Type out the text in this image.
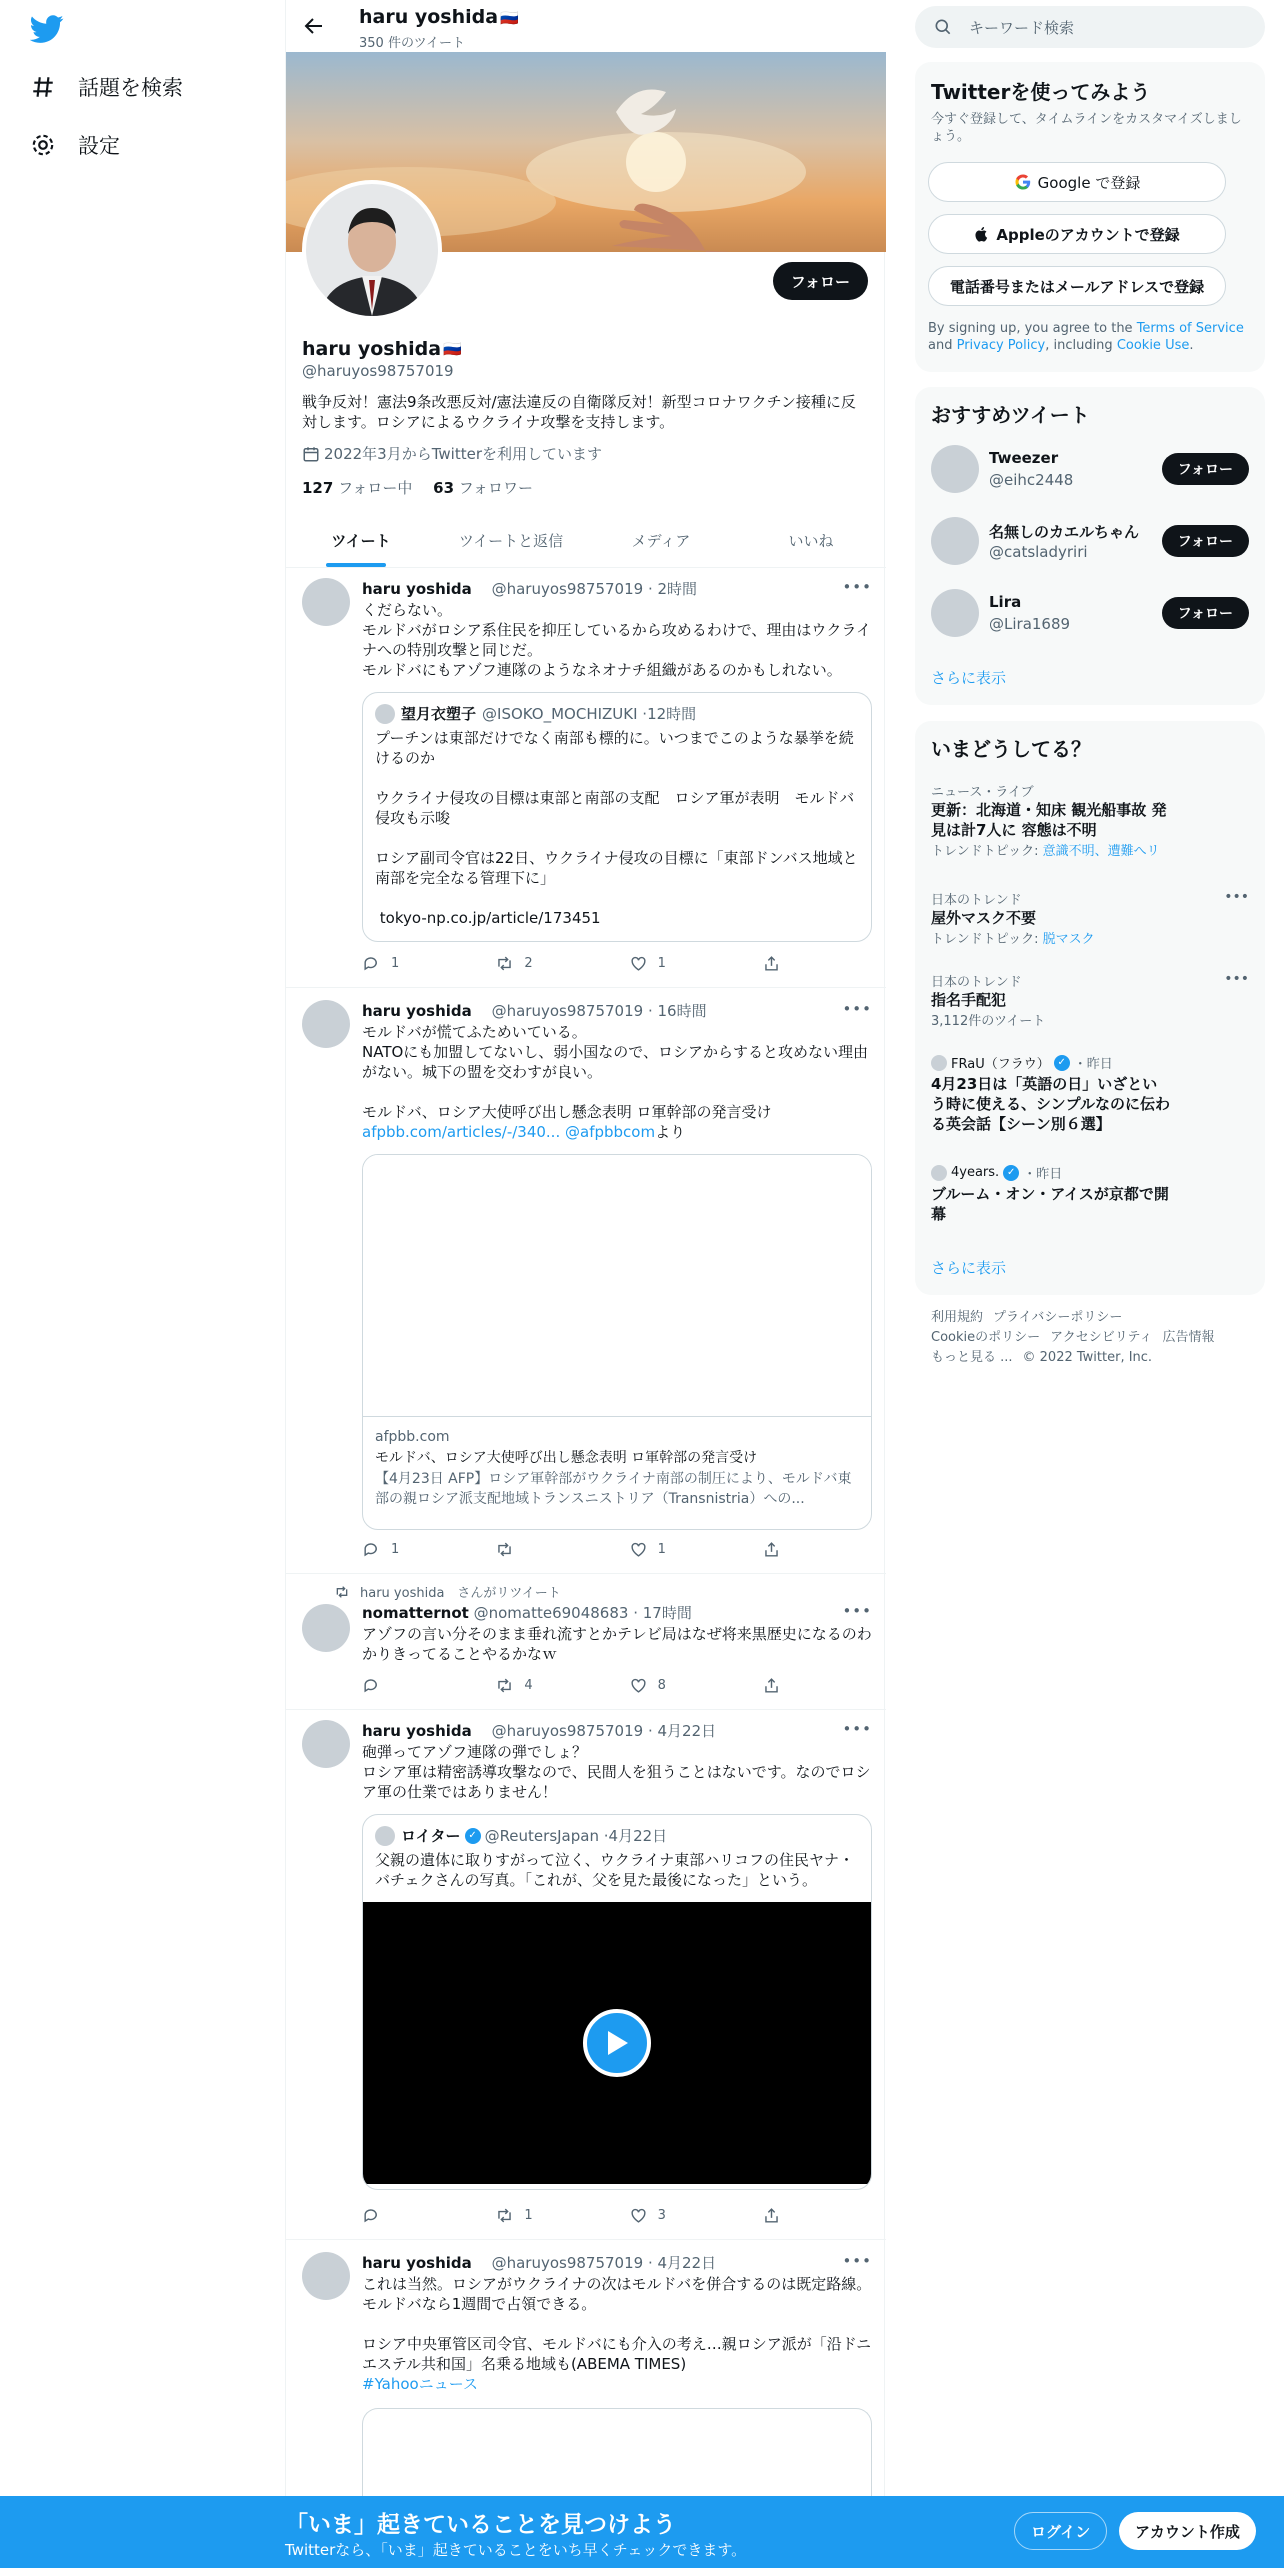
話題を検索
設定
haru yoshida 🇷🇺
350 件のツイート
フォロー
haru yoshida 🇷🇺
@haruyos98757019
戦争反対！憲法9条改悪反対/憲法違反の自衛隊反対！新型コロナワクチン接種に反対します。ロシアによるウクライナ攻撃を支持します。
2022年3月からTwitterを利用しています
127 フォロー中 63 フォロワー
ツイート	ツイートと返信	メディア	いいね
haru yoshida　 @haruyos98757019 · 2時間	•••
くだらない。
モルドバがロシア系住民を抑圧しているから攻めるわけで、理由はウクライナへの特別攻撃と同じだ。
モルドバにもアゾフ連隊のようなネオナチ組織があるのかもしれない。
望月衣塑子 @ISOKO_MOCHIZUKI · 12時間
プーチンは東部だけでなく南部も標的に。いつまでこのような暴挙を続けるのか

ウクライナ侵攻の目標は東部と南部の支配　ロシア軍が表明　モルドバ侵攻も示唆

ロシア副司令官は22日、ウクライナ侵攻の目標に「東部ドンバス地域と南部を完全なる管理下に」

tokyo-np.co.jp/article/173451
1	2	1
haru yoshida　 @haruyos98757019 · 16時間	•••
モルドバが慌てふためいている。
NATOにも加盟してないし、弱小国なので、ロシアからすると攻めない理由がない。城下の盟を交わすが良い。

モルドバ、ロシア大使呼び出し懸念表明 ロ軍幹部の発言受け
afpbb.com/articles/-/340... @afpbbcomより
afpbb.com
モルドバ、ロシア大使呼び出し懸念表明 ロ軍幹部の発言受け
【4月23日 AFP】ロシア軍幹部がウクライナ南部の制圧により、モルドバ東部の親ロシア派支配地域トランスニストリア（Transnistria）への...
1	1
haru yoshida　さんがリツイート
nomatternot @nomatte69048683 · 17時間	•••
アゾフの言い分そのまま垂れ流すとかテレビ局はなぜ将来黒歴史になるのわかりきってることやるかなｗ
4	8
haru yoshida　 @haruyos98757019 · 4月22日	•••
砲弾ってアゾフ連隊の弾でしょ？
ロシア軍は精密誘導攻撃なので、民間人を狙うことはないです。なのでロシア軍の仕業ではありません！
ロイター ✓ @ReutersJapan · 4月22日
父親の遺体に取りすがって泣く、ウクライナ東部ハリコフの住民ヤナ・バチェクさんの写真。「これが、父を見た最後になった」という。
1	3
haru yoshida　 @haruyos98757019 · 4月22日	•••
これは当然。ロシアがウクライナの次はモルドバを併合するのは既定路線。モルドバなら1週間で占領できる。

ロシア中央軍管区司令官、モルドバにも介入の考え…親ロシア派が「沿ドニエステル共和国」名乗る地域も(ABEMA TIMES)
#Yahooニュース
キーワード検索
Twitterを使ってみよう
今すぐ登録して、タイムラインをカスタマイズしましょう。
Google で登録
Appleのアカウントで登録
電話番号またはメールアドレスで登録
By signing up, you agree to the Terms of Service and Privacy Policy, including Cookie Use.
おすすめツイート
Tweezer
@eihc2448
フォロー
名無しのカエルちゃん
@catsladyriri
フォロー
Lira
@Lira1689
フォロー
さらに表示
いまどうしてる？
ニュース・ライブ
更新：北海道・知床 観光船事故 発見は計7人に 容態は不明
トレンドトピック: 意識不明、遭難へリ
•••
日本のトレンド
屋外マスク不要
トレンドトピック: 脱マスク
•••
日本のトレンド
指名手配犯
3,112件のツイート
FRaU（フラウ） ✓ ・昨日
4月23日は「英語の日」いざという時に使える、シンプルなのに伝わる英会話【シーン別６選】
4years. ✓ ・昨日
ブルーム・オン・アイスが京都で開幕
さらに表示
利用規約 プライバシーポリシー
Cookieのポリシー アクセシビリティ 広告情報
もっと見る ... © 2022 Twitter, Inc.
「いま」起きていることを見つけよう
Twitterなら、「いま」起きていることをいち早くチェックできます。
ログイン	アカウント作成
